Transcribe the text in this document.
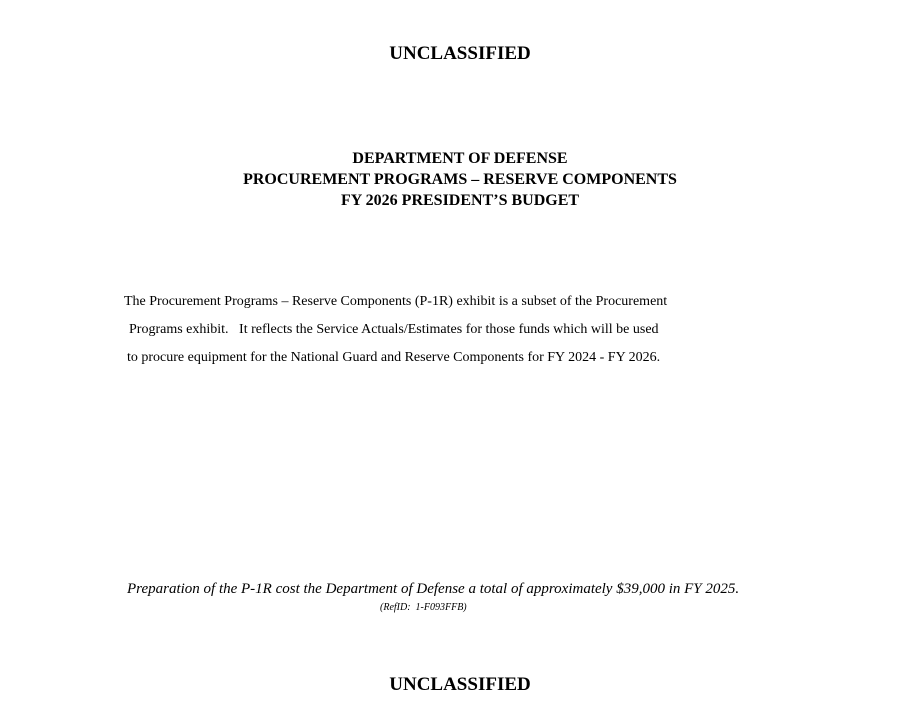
UNCLASSIFIED
DEPARTMENT OF DEFENSE
PROCUREMENT PROGRAMS – RESERVE COMPONENTS
FY 2026 PRESIDENT’S BUDGET
The Procurement Programs – Reserve Components (P-1R) exhibit is a subset of the Procurement
Programs exhibit.   It reflects the Service Actuals/Estimates for those funds which will be used
to procure equipment for the National Guard and Reserve Components for FY 2024 - FY 2026.
Preparation of the P-1R cost the Department of Defense a total of approximately $39,000 in FY 2025.
(RefID:  1-F093FFB)
UNCLASSIFIED
